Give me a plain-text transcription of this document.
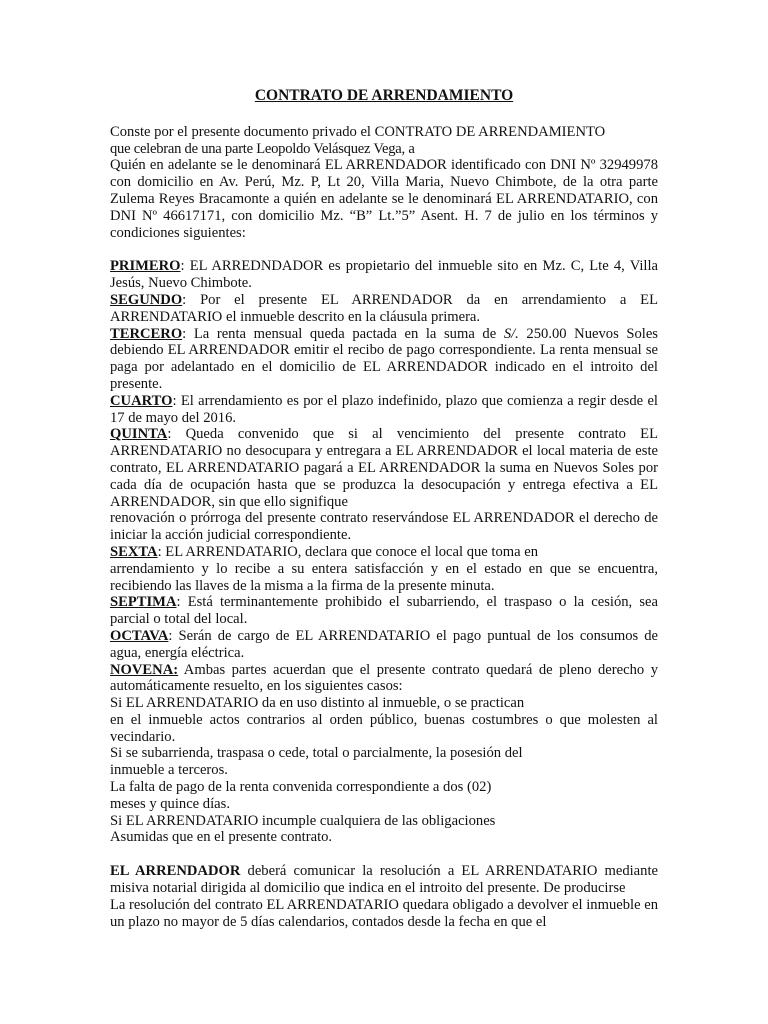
CONTRATO DE ARRENDAMIENTO

Conste por el presente documento privado el CONTRATO DE ARRENDAMIENTO

que celebran de una parte Leopoldo Velásquez Vega, a

Quién en adelante se le denominará EL ARRENDADOR identificado con DNI Nº 32949978 con domicilio en Av. Perú, Mz. P, Lt 20, Villa Maria, Nuevo Chimbote, de la otra parte Zulema Reyes Bracamonte a quién en adelante se le denominará EL ARRENDATARIO, con DNI Nº 46617171, con domicilio Mz. “B” Lt.”5” Asent. H. 7 de julio en los términos y condiciones siguientes:

PRIMERO: EL ARREDNDADOR es propietario del inmueble sito en Mz. C, Lte 4, Villa Jesús, Nuevo Chimbote.

SEGUNDO: Por el presente EL ARRENDADOR da en arrendamiento a EL ARRENDATARIO el inmueble descrito en la cláusula primera.

TERCERO: La renta mensual queda pactada en la suma de S/. 250.00 Nuevos Soles debiendo EL ARRENDADOR emitir el recibo de pago correspondiente. La renta mensual se paga por adelantado en el domicilio de EL ARRENDADOR indicado en el introito del presente.

CUARTO: El arrendamiento es por el plazo indefinido, plazo que comienza a regir desde el 17 de mayo del 2016.

QUINTA: Queda convenido que si al vencimiento del presente contrato EL ARRENDATARIO no desocupara y entregara a EL ARRENDADOR el local materia de este contrato, EL ARRENDATARIO pagará a EL ARRENDADOR la suma en Nuevos Soles por cada día de ocupación hasta que se produzca la desocupación y entrega efectiva a EL ARRENDADOR, sin que ello signifique

renovación o prórroga del presente contrato reservándose EL ARRENDADOR el derecho de iniciar la acción judicial correspondiente.

SEXTA: EL ARRENDATARIO, declara que conoce el local que toma en

arrendamiento y lo recibe a su entera satisfacción y en el estado en que se encuentra, recibiendo las llaves de la misma a la firma de la presente minuta.

SEPTIMA: Está terminantemente prohibido el subarriendo, el traspaso o la cesión, sea parcial o total del local.

OCTAVA: Serán de cargo de EL ARRENDATARIO el pago puntual de los consumos de agua, energía eléctrica.

NOVENA: Ambas partes acuerdan que el presente contrato quedará de pleno derecho y automáticamente resuelto, en los siguientes casos:

Si EL ARRENDATARIO da en uso distinto al inmueble, o se practican

en el inmueble actos contrarios al orden público, buenas costumbres o que molesten al vecindario.

Si se subarrienda, traspasa o cede, total o parcialmente, la posesión del

inmueble a terceros.

La falta de pago de la renta convenida correspondiente a dos (02)

meses y quince días.

Si EL ARRENDATARIO incumple cualquiera de las obligaciones

Asumidas que en el presente contrato.

EL ARRENDADOR deberá comunicar la resolución a EL ARRENDATARIO mediante misiva notarial dirigida al domicilio que indica en el introito del presente. De producirse

La resolución del contrato EL ARRENDATARIO quedara obligado a devolver el inmueble en un plazo no mayor de 5 días calendarios, contados desde la fecha en que el
